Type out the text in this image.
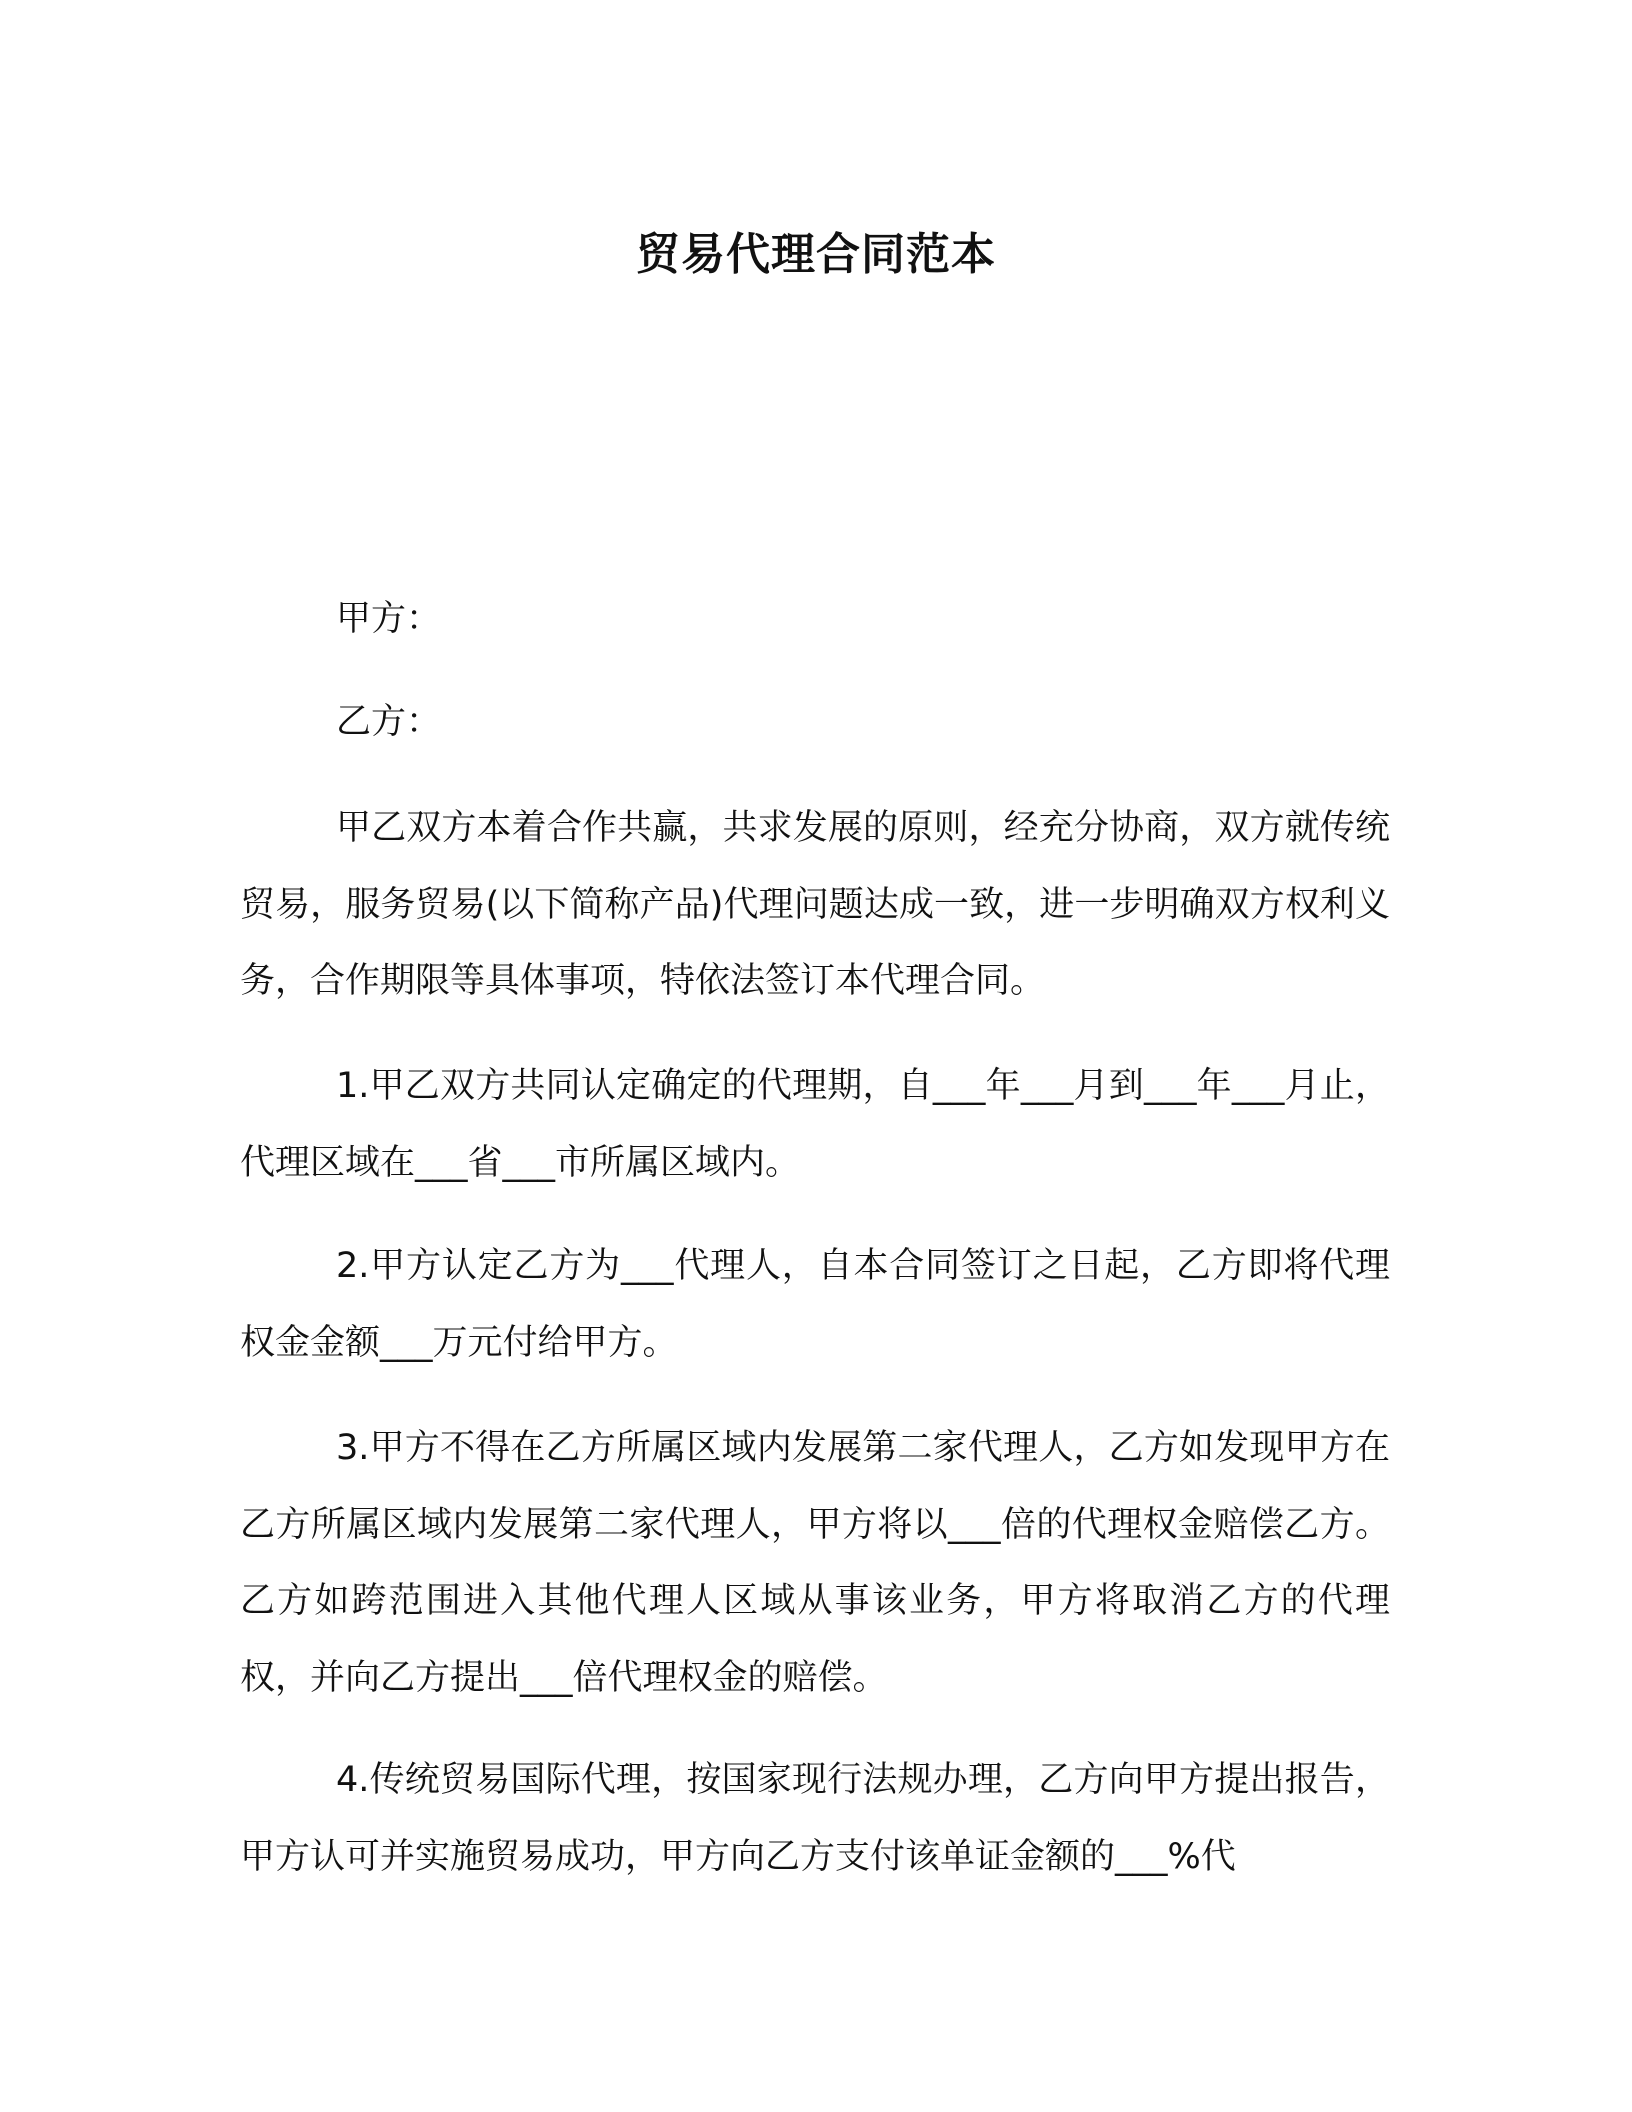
贸易代理合同范本

甲方：

乙方：

甲乙双方本着合作共赢，共求发展的原则，经充分协商，双方就传统贸易，服务贸易(以下简称产品)代理问题达成一致，进一步明确双方权利义务，合作期限等具体事项，特依法签订本代理合同。

1.甲乙双方共同认定确定的代理期，自___年___月到___年___月止，代理区域在___省___市所属区域内。

2.甲方认定乙方为___代理人，自本合同签订之日起，乙方即将代理权金金额___万元付给甲方。

3.甲方不得在乙方所属区域内发展第二家代理人，乙方如发现甲方在乙方所属区域内发展第二家代理人，甲方将以___倍的代理权金赔偿乙方。乙方如跨范围进入其他代理人区域从事该业务，甲方将取消乙方的代理权，并向乙方提出___倍代理权金的赔偿。

4.传统贸易国际代理，按国家现行法规办理，乙方向甲方提出报告，甲方认可并实施贸易成功，甲方向乙方支付该单证金额的___%代
